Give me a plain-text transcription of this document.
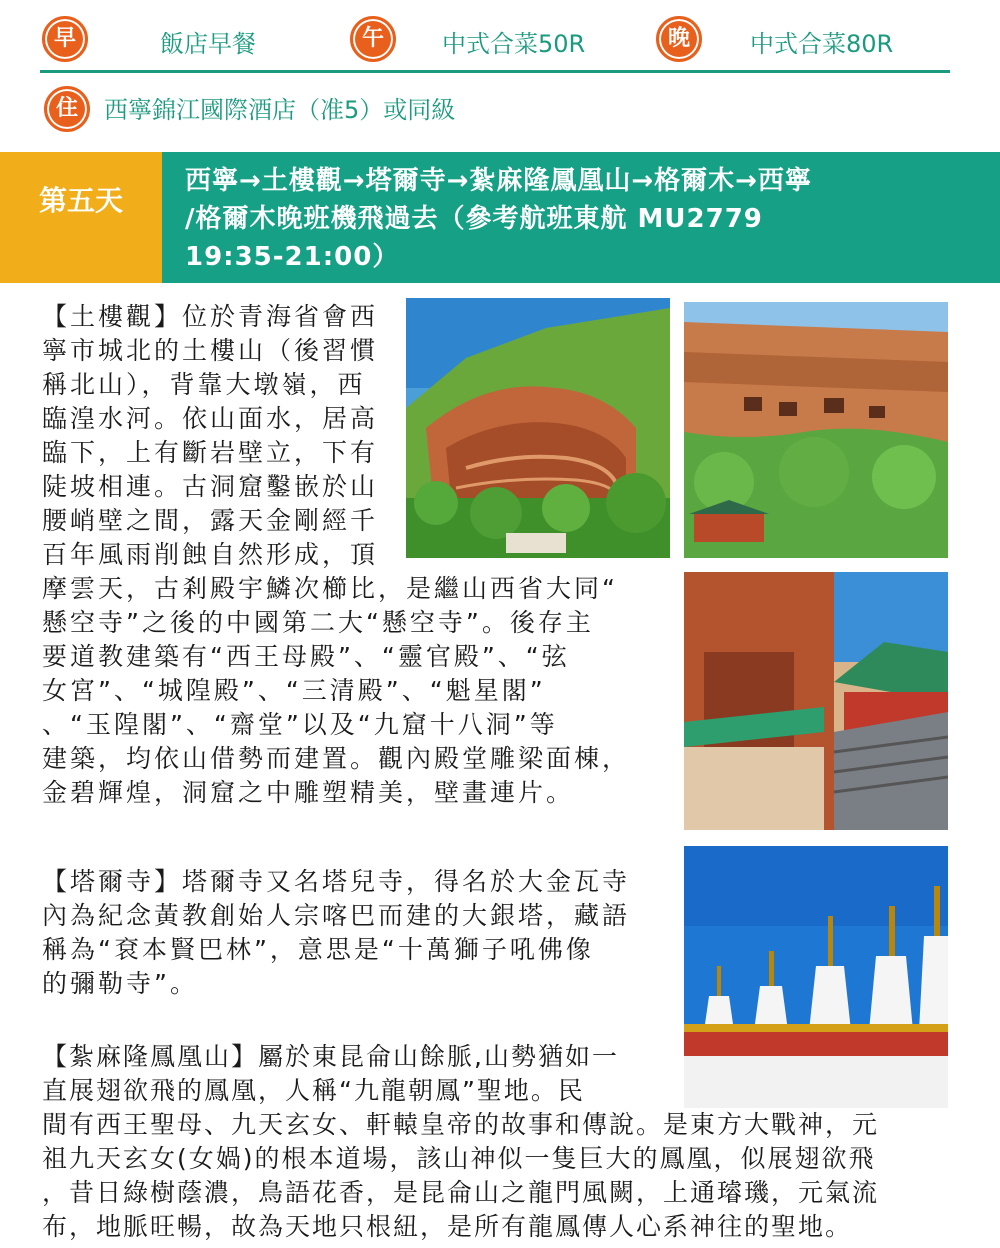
早	飯店早餐	午	中式合菜50R	晚	中式合菜80R
住	西寧錦江國際酒店（准5）或同級
第五天
西寧→土樓觀→塔爾寺→紮麻隆鳳凰山→格爾木→西寧
/格爾木晚班機飛過去（參考航班東航 MU2779
19:35-21:00）
【土樓觀】位於青海省會西
寧市城北的土樓山（後習慣
稱北山），背靠大墩嶺，西
臨湟水河。依山面水，居高
臨下，上有斷岩壁立，下有
陡坡相連。古洞窟鑿嵌於山
腰峭壁之間，露天金剛經千
百年風雨削蝕自然形成，頂
摩雲天，古剎殿宇鱗次櫛比，是繼山西省大同“
懸空寺”之後的中國第二大“懸空寺”。後存主
要道教建築有“西王母殿”、“靈官殿”、“弦
女宮”、“城隍殿”、“三清殿”、“魁星閣”
、“玉隍閣”、“齋堂”以及“九窟十八洞”等
建築，均依山借勢而建置。觀內殿堂雕梁面棟，
金碧輝煌，洞窟之中雕塑精美，壁畫連片。
【塔爾寺】塔爾寺又名塔兒寺，得名於大金瓦寺
內為紀念黃教創始人宗喀巴而建的大銀塔，藏語
稱為“袞本賢巴林”，意思是“十萬獅子吼佛像
的彌勒寺”。
【紮麻隆鳳凰山】屬於東昆侖山餘脈,山勢猶如一
直展翅欲飛的鳳凰，人稱“九龍朝鳳”聖地。民
間有西王聖母、九天玄女、軒轅皇帝的故事和傳說。是東方大戰神，元
祖九天玄女(女媧)的根本道場，該山神似一隻巨大的鳳凰，似展翅欲飛
，昔日綠樹蔭濃，鳥語花香，是昆侖山之龍門風闕，上通璿璣，元氣流
布，地脈旺暢，故為天地只根紐，是所有龍鳳傳人心系神往的聖地。
